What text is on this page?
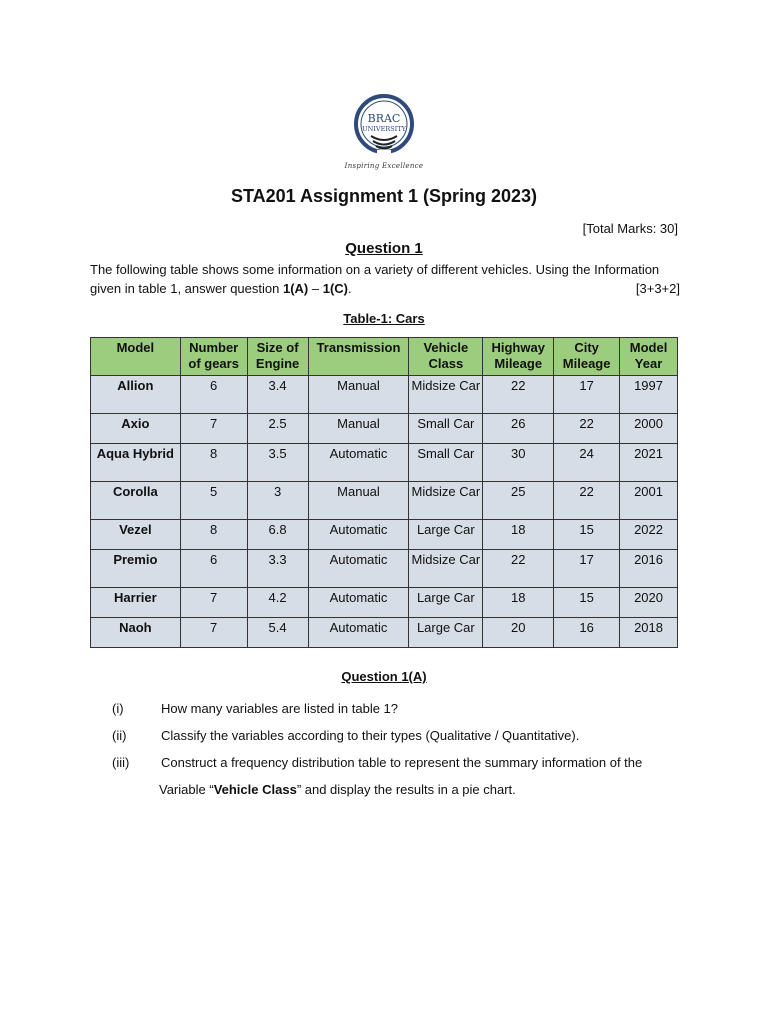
BRAC
UNIVERSITY
Inspiring Excellence
STA201 Assignment 1 (Spring 2023)
[Total Marks: 30]
Question 1
The following table shows some information on a variety of different vehicles. Using the Information given in table 1, answer question 1(A) – 1(C).	[3+3+2]
Table-1: Cars
Model	Number of gears	Size of Engine	Transmission	Vehicle Class	Highway Mileage	City Mileage	Model Year
Allion	6	3.4	Manual	Midsize Car	22	17	1997
Axio	7	2.5	Manual	Small Car	26	22	2000
Aqua Hybrid	8	3.5	Automatic	Small Car	30	24	2021
Corolla	5	3	Manual	Midsize Car	25	22	2001
Vezel	8	6.8	Automatic	Large Car	18	15	2022
Premio	6	3.3	Automatic	Midsize Car	22	17	2016
Harrier	7	4.2	Automatic	Large Car	18	15	2020
Naoh	7	5.4	Automatic	Large Car	20	16	2018
Question 1(A)
(i)	How many variables are listed in table 1?
(ii)	Classify the variables according to their types (Qualitative / Quantitative).
(iii) Construct a frequency distribution table to represent the summary information of the
Variable “Vehicle Class” and display the results in a pie chart.
